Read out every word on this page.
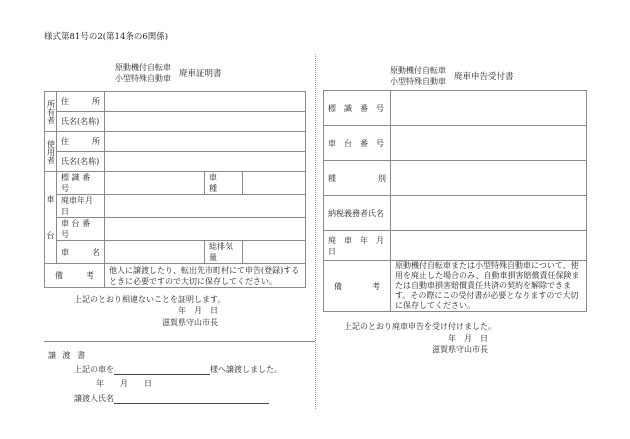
様式第81号の2(第14条の6関係)
原動機付自転車
小型特殊自動車 廃車証明書
所有者	住 所			

	氏名(名称)			
使用者	住 所			

	氏名(名称)			

車
台	標 識 番 号		車　　種	
	廃車年月日			
	車 台 番 号			

	車 名		総排気量	

備 考		他人に譲渡したり、転出先市町村にて申告(登録)するときに必要ですので大切に保存してください。		
上記のとおり相違ないことを証明します。
年　月　日
滋賀県守山市長
譲 渡 書
上記の車を	様へ譲渡しました。
年　　月　　日
譲渡人氏名
原動機付自転車
小型特殊自動車 廃車申告受付書
標　識　番　号	
車　台　番　号	

種 別	

納税義務者氏名	
廃　車　年　月　日	

備 考	原動機付自転車または小型特殊自動車について、使用を廃止した場合のみ、自動車損害賠償責任保険または自動車損害賠償責任共済の契約を解除できます。その際にこの受付書が必要となりますので大切に保存してください。
上記のとおり廃車申告を受け付けました。
年　月　日
滋賀県守山市長
